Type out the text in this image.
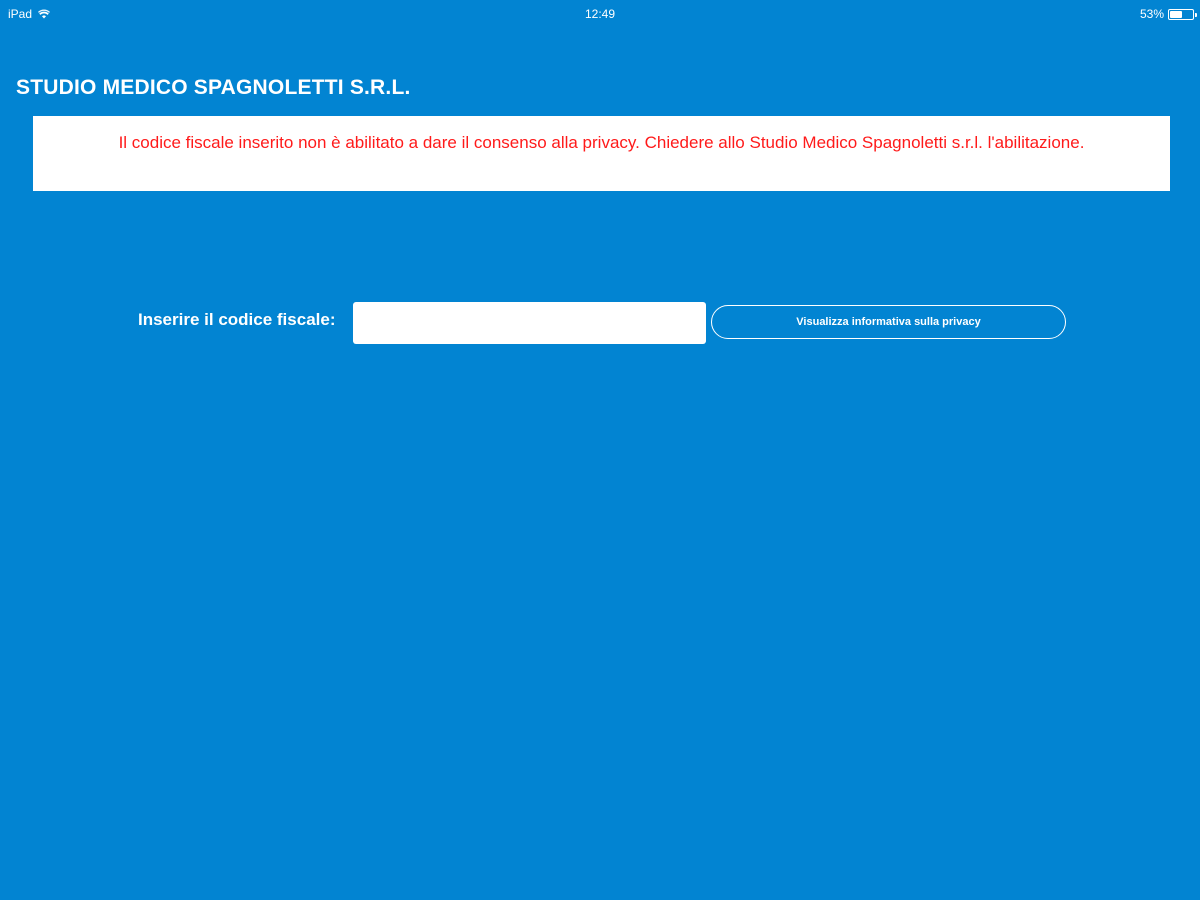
iPad	12:49	53%
STUDIO MEDICO SPAGNOLETTI S.R.L.
Il codice fiscale inserito non è abilitato a dare il consenso alla privacy. Chiedere allo Studio Medico Spagnoletti s.r.l. l'abilitazione.
Inserire il codice fiscale:	Visualizza informativa sulla privacy
